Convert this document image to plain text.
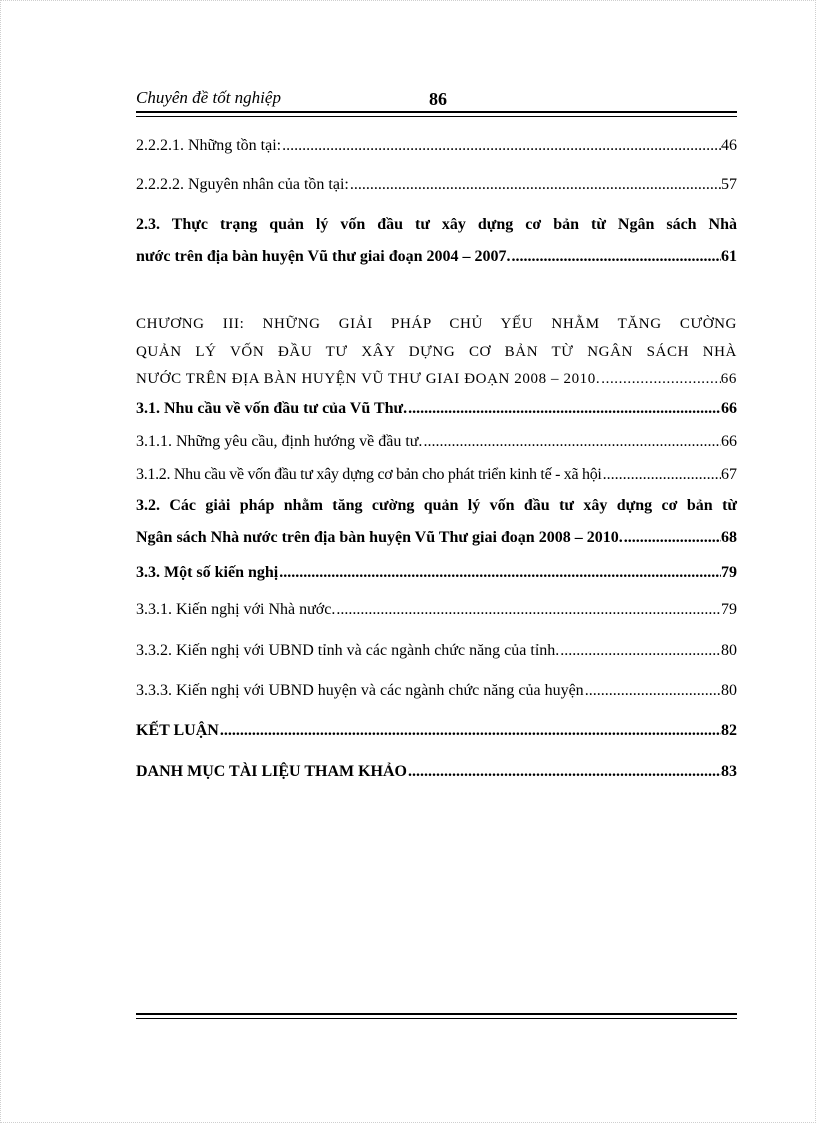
Chuyên đề tốt nghiệp	86
2.2.2.1. Những tồn tại: .....	46
2.2.2.2. Nguyên nhân của tồn tại: .....	57
2.3. Thực trạng quản lý vốn đầu tư xây dựng cơ bản từ Ngân sách Nhà
nước trên địa bàn huyện Vũ thư giai đoạn 2004 – 2007. .....	61
CHƯƠNG III: NHỮNG GIẢI PHÁP CHỦ YẾU NHẰM TĂNG CƯỜNG
QUẢN LÝ VỐN ĐẦU TƯ XÂY DỰNG CƠ BẢN TỪ NGÂN SÁCH NHÀ
NƯỚC TRÊN ĐỊA BÀN HUYỆN VŨ THƯ GIAI ĐOẠN 2008 – 2010. .....	66
3.1. Nhu cầu về vốn đầu tư của Vũ Thư. .....	66
3.1.1. Những yêu cầu, định hướng về đầu tư. .....	66
3.1.2. Nhu cầu về vốn đầu tư xây dựng cơ bản cho phát triển kinh tế - xã hội .....	67
3.2. Các giải pháp nhằm tăng cường quản lý vốn đầu tư xây dựng cơ bản từ
Ngân sách Nhà nước trên địa bàn huyện Vũ Thư giai đoạn 2008 – 2010. .....	68
3.3. Một số kiến nghị .....	79
3.3.1. Kiến nghị với Nhà nước. .....	79
3.3.2. Kiến nghị với UBND tỉnh và các ngành chức năng của tỉnh. .....	80
3.3.3. Kiến nghị với UBND huyện và các ngành chức năng của huyện .....	80
KẾT LUẬN .....	82
DANH MỤC TÀI LIỆU THAM KHẢO .....	83
